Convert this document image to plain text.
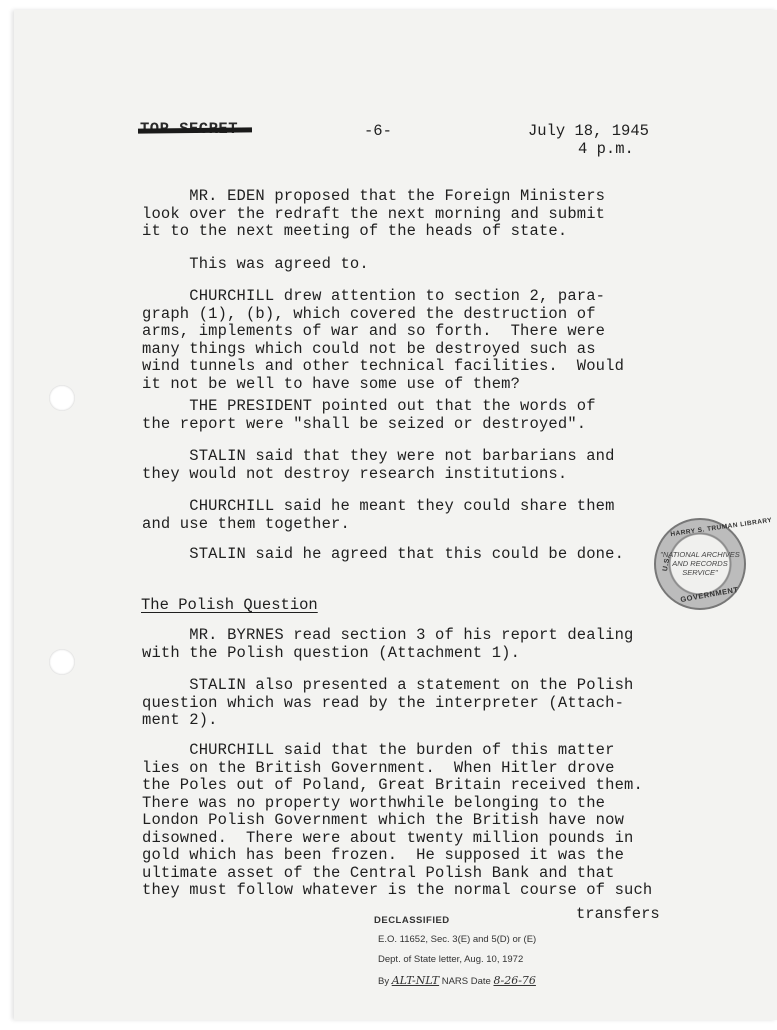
-6-	July 18, 1945
4 p.m.
MR. EDEN proposed that the Foreign Ministers
look over the redraft the next morning and submit
it to the next meeting of the heads of state.
This was agreed to.
CHURCHILL drew attention to section 2, para-
graph (1), (b), which covered the destruction of
arms, implements of war and so forth.  There were
many things which could not be destroyed such as
wind tunnels and other technical facilities.  Would
it not be well to have some use of them?
THE PRESIDENT pointed out that the words of
the report were "shall be seized or destroyed".
STALIN said that they were not barbarians and
they would not destroy research institutions.
CHURCHILL said he meant they could share them
and use them together.
STALIN said he agreed that this could be done.
The Polish Question
MR. BYRNES read section 3 of his report dealing
with the Polish question (Attachment 1).
STALIN also presented a statement on the Polish
question which was read by the interpreter (Attach-
ment 2).
CHURCHILL said that the burden of this matter
lies on the British Government.  When Hitler drove
the Poles out of Poland, Great Britain received them.
There was no property worthwhile belonging to the
London Polish Government which the British have now
disowned.  There were about twenty million pounds in
gold which has been frozen.  He supposed it was the
ultimate asset of the Central Polish Bank and that
they must follow whatever is the normal course of such
transfers
HARRY S. TRUMAN LIBRARY
U.S.
"NATIONAL ARCHIVES AND RECORDS SERVICE"
GOVERNMENT
DECLASSIFIED
E.O. 11652, Sec. 3(E) and 5(D) or (E)
Dept. of State letter, Aug. 10, 1972
By ALT-NLT NARS Date 8-26-76
